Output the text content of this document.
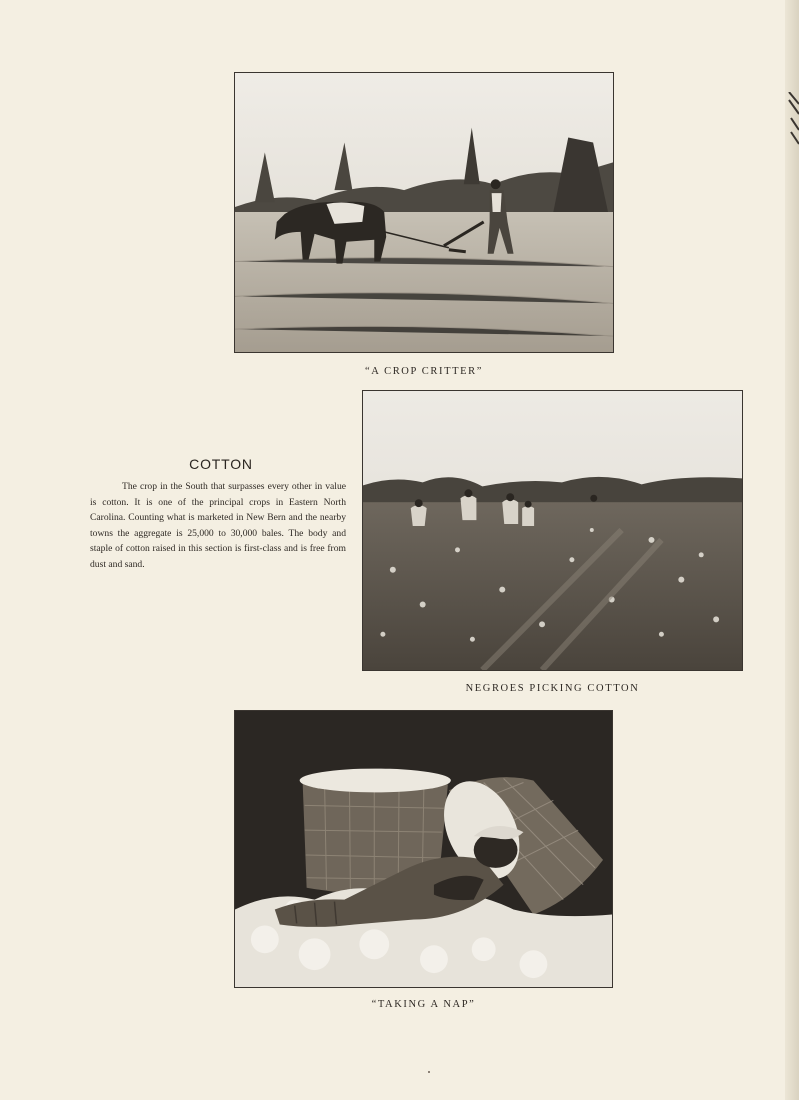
“A CROP CRITTER”
COTTON
The crop in the South that surpasses every other in value is cotton. It is one of the principal crops in Eastern North Carolina. Counting what is marketed in New Bern and the nearby towns the aggregate is 25,000 to 30,000 bales. The body and staple of cotton raised in this section is first-class and is free from dust and sand.
NEGROES PICKING COTTON
“TAKING A NAP”
